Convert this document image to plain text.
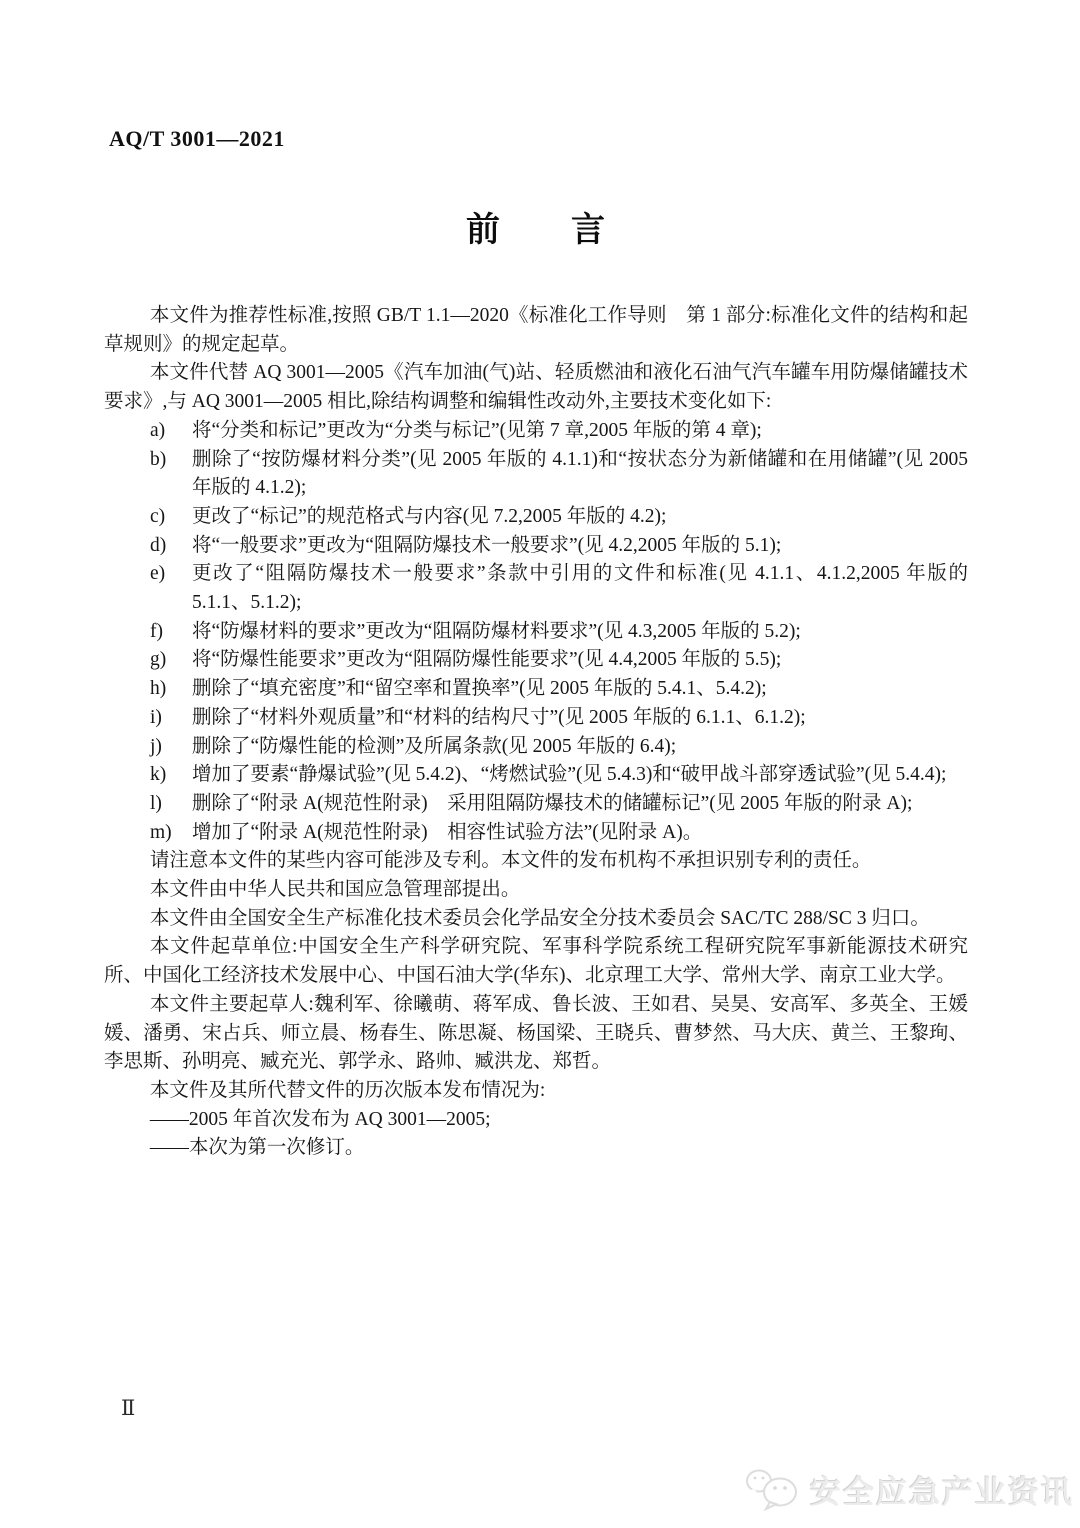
AQ/T 3001—2021
前　　言

本文件为推荐性标准,按照 GB/T 1.1—2020《标准化工作导则　第 1 部分:标准化文件的结构和起草规则》的规定起草。

本文件代替 AQ 3001—2005《汽车加油(气)站、轻质燃油和液化石油气汽车罐车用防爆储罐技术要求》,与 AQ 3001—2005 相比,除结构调整和编辑性改动外,主要技术变化如下:

a) 将“分类和标记”更改为“分类与标记”(见第 7 章,2005 年版的第 4 章);
b) 删除了“按防爆材料分类”(见 2005 年版的 4.1.1)和“按状态分为新储罐和在用储罐”(见 2005 年版的 4.1.2);
c) 更改了“标记”的规范格式与内容(见 7.2,2005 年版的 4.2);
d) 将“一般要求”更改为“阻隔防爆技术一般要求”(见 4.2,2005 年版的 5.1);
e) 更改了“阻隔防爆技术一般要求”条款中引用的文件和标准(见 4.1.1、4.1.2,2005 年版的 5.1.1、5.1.2);
f) 将“防爆材料的要求”更改为“阻隔防爆材料要求”(见 4.3,2005 年版的 5.2);
g) 将“防爆性能要求”更改为“阻隔防爆性能要求”(见 4.4,2005 年版的 5.5);
h) 删除了“填充密度”和“留空率和置换率”(见 2005 年版的 5.4.1、5.4.2);
i) 删除了“材料外观质量”和“材料的结构尺寸”(见 2005 年版的 6.1.1、6.1.2);
j) 删除了“防爆性能的检测”及所属条款(见 2005 年版的 6.4);
k) 增加了要素“静爆试验”(见 5.4.2)、“烤燃试验”(见 5.4.3)和“破甲战斗部穿透试验”(见 5.4.4);
l) 删除了“附录 A(规范性附录)　采用阻隔防爆技术的储罐标记”(见 2005 年版的附录 A);
m) 增加了“附录 A(规范性附录)　相容性试验方法”(见附录 A)。

请注意本文件的某些内容可能涉及专利。本文件的发布机构不承担识别专利的责任。

本文件由中华人民共和国应急管理部提出。

本文件由全国安全生产标准化技术委员会化学品安全分技术委员会 SAC/TC 288/SC 3 归口。

本文件起草单位:中国安全生产科学研究院、军事科学院系统工程研究院军事新能源技术研究所、中国化工经济技术发展中心、中国石油大学(华东)、北京理工大学、常州大学、南京工业大学。

本文件主要起草人:魏利军、徐曦萌、蒋军成、鲁长波、王如君、吴昊、安高军、多英全、王媛媛、潘勇、宋占兵、师立晨、杨春生、陈思凝、杨国梁、王晓兵、曹梦然、马大庆、黄兰、王黎珣、李思斯、孙明亮、臧充光、郭学永、路帅、臧洪龙、郑哲。

本文件及其所代替文件的历次版本发布情况为:

——2005 年首次发布为 AQ 3001—2005;

——本次为第一次修订。

Ⅱ
安全应急产业资讯
